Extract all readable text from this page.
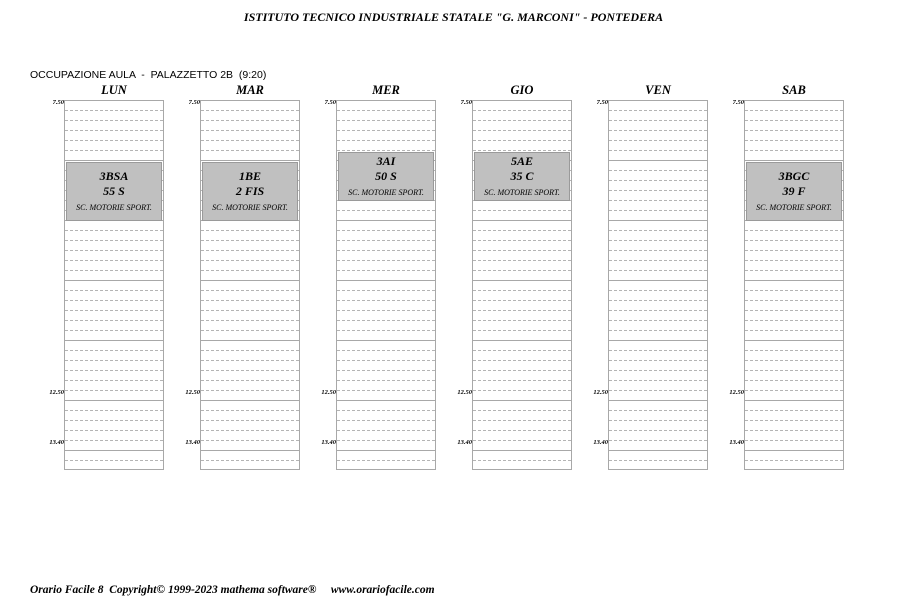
ISTITUTO TECNICO INDUSTRIALE STATALE "G. MARCONI" - PONTEDERA
OCCUPAZIONE AULA  -  PALAZZETTO 2B  (9:20)
LUN
3BSA
55 S
SC. MOTORIE SPORT.
7.50
12.50
13.40
MAR
1BE
2 FIS
SC. MOTORIE SPORT.
7.50
12.50
13.40
MER
3AI
50 S
SC. MOTORIE SPORT.
7.50
12.50
13.40
GIO
5AE
35 C
SC. MOTORIE SPORT.
7.50
12.50
13.40
VEN
7.50
12.50
13.40
SAB
3BGC
39 F
SC. MOTORIE SPORT.
7.50
12.50
13.40
Orario Facile 8  Copyright© 1999-2023 mathema software®     www.orariofacile.com
